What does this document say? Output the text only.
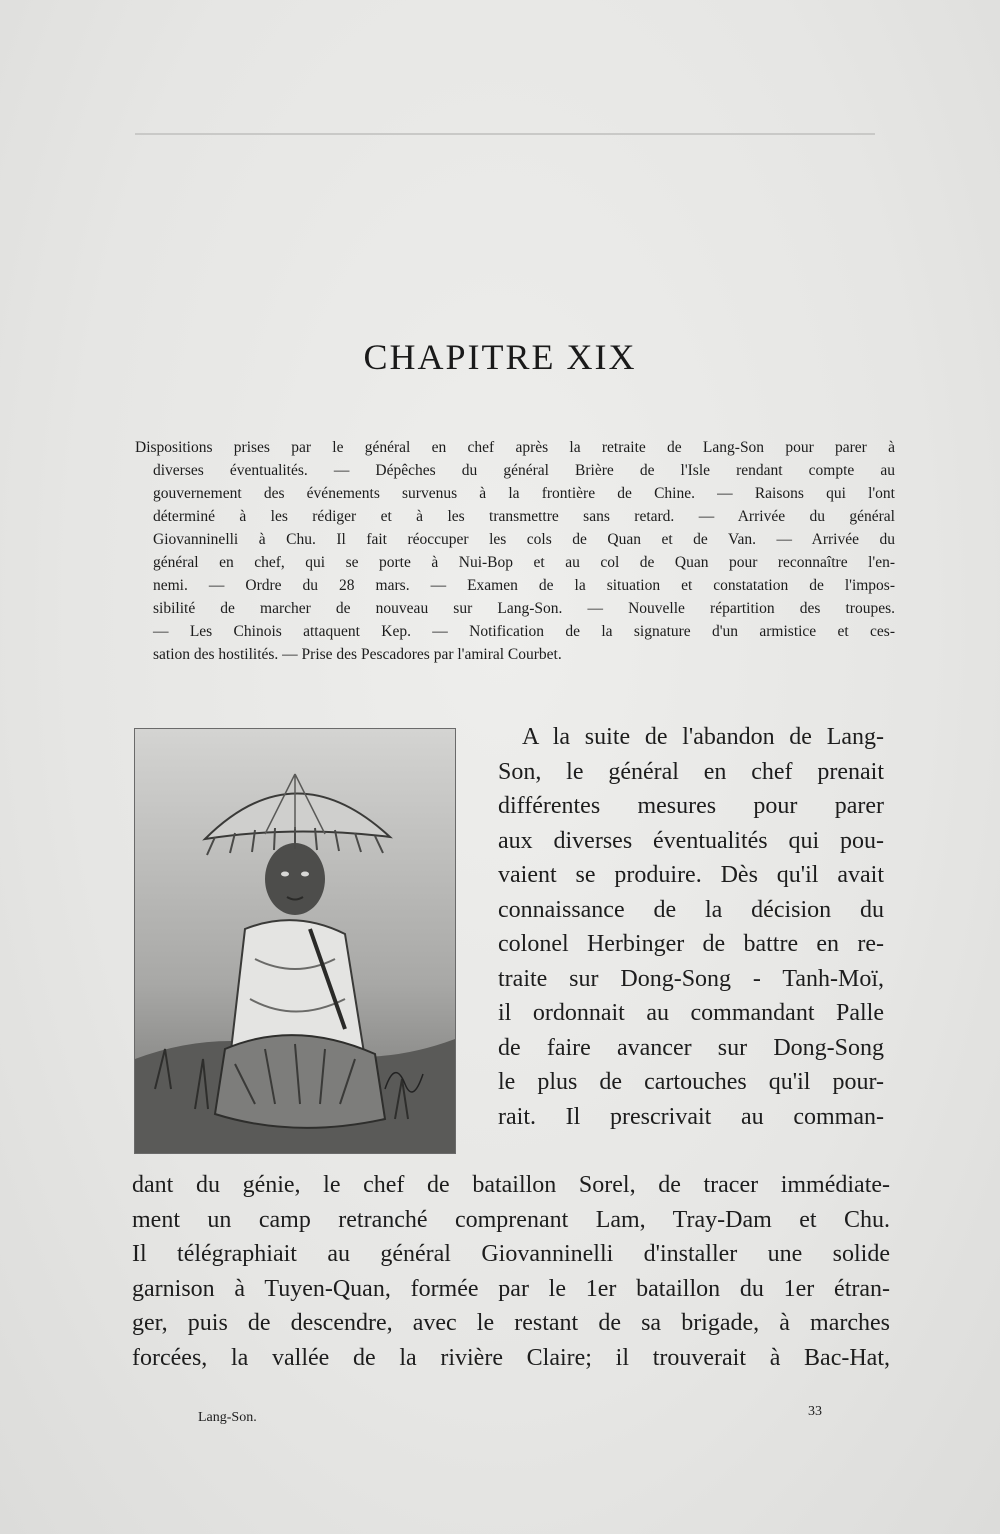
CHAPITRE XIX
Dispositions prises par le général en chef après la retraite de Lang-Son pour parer à
diverses éventualités. — Dépêches du général Brière de l'Isle rendant compte au
gouvernement des événements survenus à la frontière de Chine. — Raisons qui l'ont
déterminé à les rédiger et à les transmettre sans retard. — Arrivée du général
Giovanninelli à Chu. Il fait réoccuper les cols de Quan et de Van. — Arrivée du
général en chef, qui se porte à Nui-Bop et au col de Quan pour reconnaître l'en-
nemi. — Ordre du 28 mars. — Examen de la situation et constatation de l'impos-
sibilité de marcher de nouveau sur Lang-Son. — Nouvelle répartition des troupes.
— Les Chinois attaquent Kep. — Notification de la signature d'un armistice et ces-
sation des hostilités. — Prise des Pescadores par l'amiral Courbet.
A la suite de l'abandon de Lang-
Son, le général en chef prenait
différentes mesures pour parer
aux diverses éventualités qui pou-
vaient se produire. Dès qu'il avait
connaissance de la décision du
colonel Herbinger de battre en re-
traite sur Dong-Song - Tanh-Moï,
il ordonnait au commandant Palle
de faire avancer sur Dong-Song
le plus de cartouches qu'il pour-
rait. Il prescrivait au comman-
dant du génie, le chef de bataillon Sorel, de tracer immédiate-
ment un camp retranché comprenant Lam, Tray-Dam et Chu.
Il télégraphiait au général Giovanninelli d'installer une solide
garnison à Tuyen-Quan, formée par le 1er bataillon du 1er étran-
ger, puis de descendre, avec le restant de sa brigade, à marches
forcées, la vallée de la rivière Claire; il trouverait à Bac-Hat,
Lang-Son.	33
